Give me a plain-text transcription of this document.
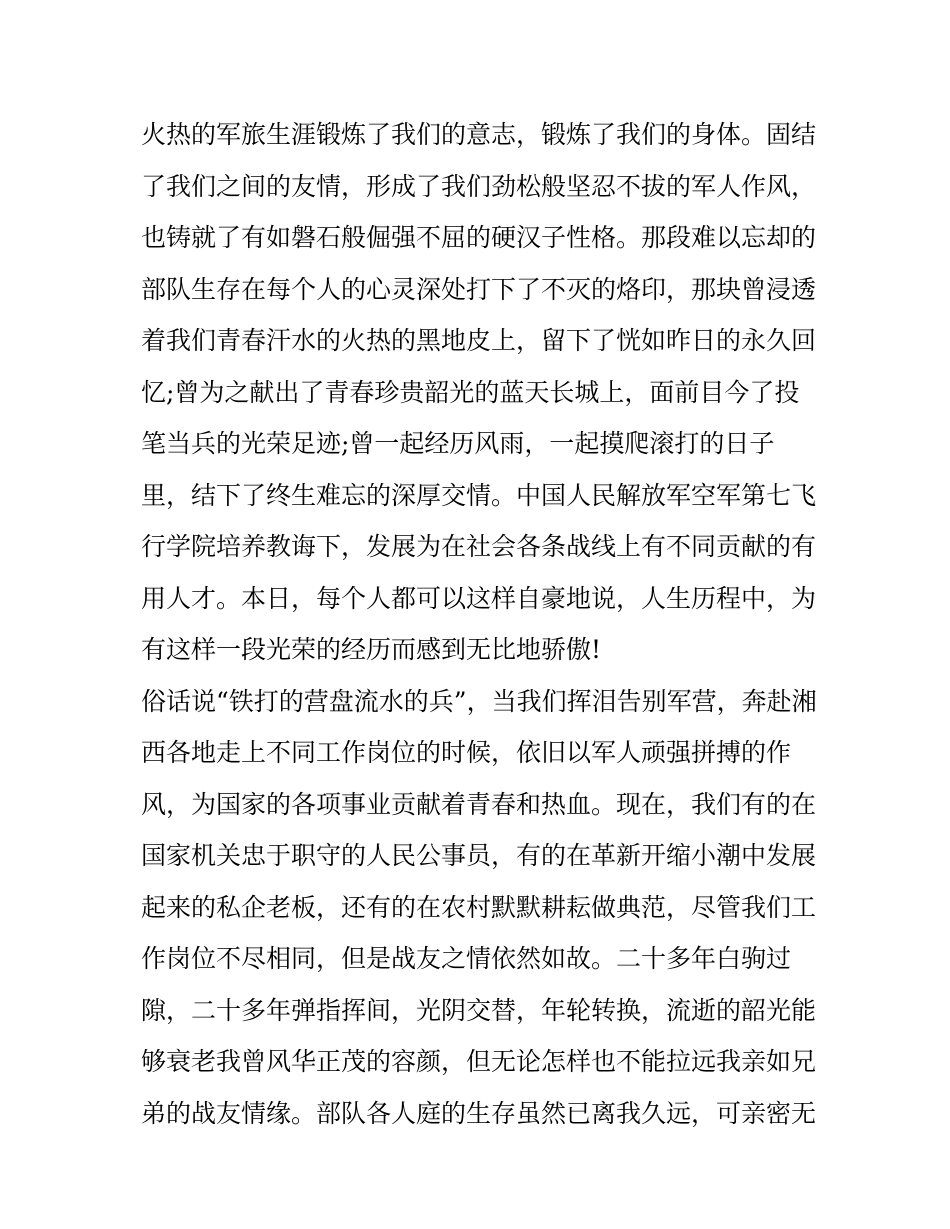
火热的军旅生涯锻炼了我们的意志，锻炼了我们的身体。固结
了我们之间的友情，形成了我们劲松般坚忍不拔的军人作风，
也铸就了有如磐石般倔强不屈的硬汉子性格。那段难以忘却的
部队生存在每个人的心灵深处打下了不灭的烙印，那块曾浸透
着我们青春汗水的火热的黑地皮上，留下了恍如昨日的永久回
忆;曾为之献出了青春珍贵韶光的蓝天长城上，面前目今了投
笔当兵的光荣足迹;曾一起经历风雨，一起摸爬滚打的日子
里，结下了终生难忘的深厚交情。中国人民解放军空军第七飞
行学院培养教诲下，发展为在社会各条战线上有不同贡献的有
用人才。本日，每个人都可以这样自豪地说，人生历程中，为
有这样一段光荣的经历而感到无比地骄傲!
俗话说“铁打的营盘流水的兵”，当我们挥泪告别军营，奔赴湘
西各地走上不同工作岗位的时候，依旧以军人顽强拼搏的作
风，为国家的各项事业贡献着青春和热血。现在，我们有的在
国家机关忠于职守的人民公事员，有的在革新开缩小潮中发展
起来的私企老板，还有的在农村默默耕耘做典范，尽管我们工
作岗位不尽相同，但是战友之情依然如故。二十多年白驹过
隙，二十多年弹指挥间，光阴交替，年轮转换，流逝的韶光能
够衰老我曾风华正茂的容颜，但无论怎样也不能拉远我亲如兄
弟的战友情缘。部队各人庭的生存虽然已离我久远，可亲密无
